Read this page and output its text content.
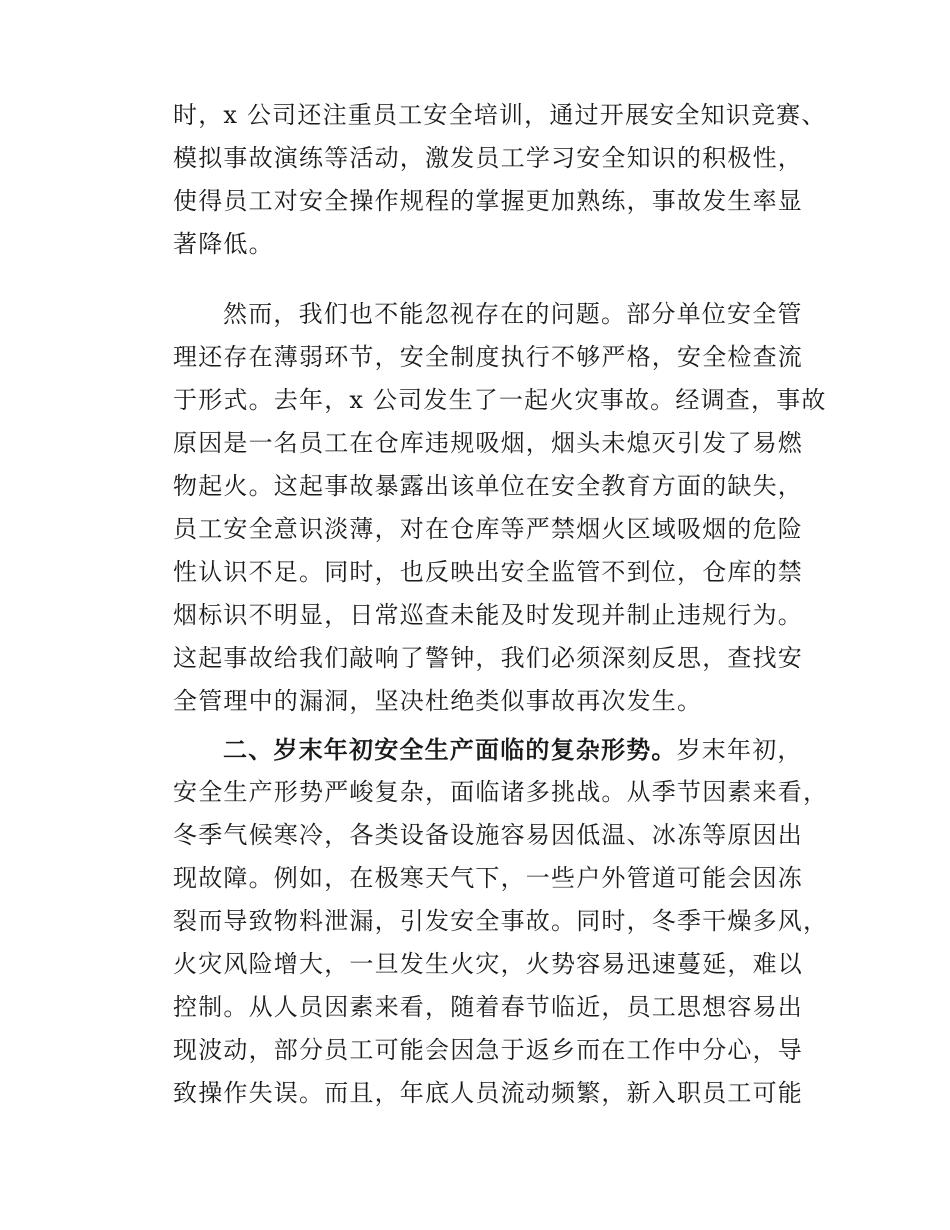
时，x 公司还注重员工安全培训，通过开展安全知识竞赛、
模拟事故演练等活动，激发员工学习安全知识的积极性，
使得员工对安全操作规程的掌握更加熟练，事故发生率显
著降低。
然而，我们也不能忽视存在的问题。部分单位安全管
理还存在薄弱环节，安全制度执行不够严格，安全检查流
于形式。去年，x 公司发生了一起火灾事故。经调查，事故
原因是一名员工在仓库违规吸烟，烟头未熄灭引发了易燃
物起火。这起事故暴露出该单位在安全教育方面的缺失，
员工安全意识淡薄，对在仓库等严禁烟火区域吸烟的危险
性认识不足。同时，也反映出安全监管不到位，仓库的禁
烟标识不明显，日常巡查未能及时发现并制止违规行为。
这起事故给我们敲响了警钟，我们必须深刻反思，查找安
全管理中的漏洞，坚决杜绝类似事故再次发生。
二、岁末年初安全生产面临的复杂形势。岁末年初，
安全生产形势严峻复杂，面临诸多挑战。从季节因素来看，
冬季气候寒冷，各类设备设施容易因低温、冰冻等原因出
现故障。例如，在极寒天气下，一些户外管道可能会因冻
裂而导致物料泄漏，引发安全事故。同时，冬季干燥多风，
火灾风险增大，一旦发生火灾，火势容易迅速蔓延，难以
控制。从人员因素来看，随着春节临近，员工思想容易出
现波动，部分员工可能会因急于返乡而在工作中分心，导
致操作失误。而且，年底人员流动频繁，新入职员工可能
